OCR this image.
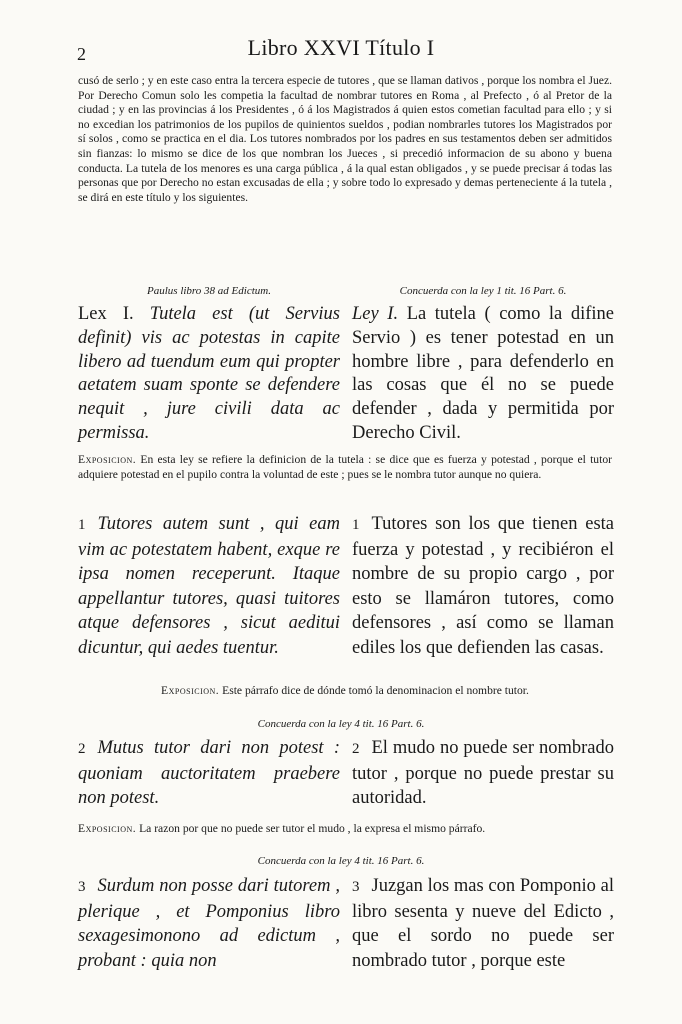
2	Libro XXVI Título I
cusó de serlo ; y en este caso entra la tercera especie de tutores , que se llaman dativos , porque los nombra el Juez. Por Derecho Comun solo les competia la facultad de nombrar tutores en Roma , al Prefecto , ó al Pretor de la ciudad ; y en las provincias á los Presidentes , ó á los Magistrados á quien estos cometian facultad para ello ; y si no excedian los patrimonios de los pupilos de quinientos sueldos , podian nombrarles tutores los Magistrados por sí solos , como se practica en el dia. Los tutores nombrados por los padres en sus testamentos deben ser admitidos sin fianzas: lo mismo se dice de los que nombran los Jueces , si precedió informacion de su abono y buena conducta. La tutela de los menores es una carga pública , á la qual estan obligados , y se puede precisar á todas las personas que por Derecho no estan excusadas de ella ; y sobre todo lo expresado y demas perteneciente á la tutela , se dirá en este título y los siguientes.
Paulus libro 38 ad Edictum.	Concuerda con la ley 1 tit. 16 Part. 6.
Lex I. Tutela est (ut Servius definit) vis ac potestas in capite libero ad tuendum eum qui propter aetatem suam sponte se defendere nequit , jure civili data ac permissa.
Ley I. La tutela ( como la difine Servio ) es tener potestad en un hombre libre , para defenderlo en las cosas que él no se puede defender , dada y permitida por Derecho Civil.
Exposicion. En esta ley se refiere la definicion de la tutela : se dice que es fuerza y potestad , porque el tutor adquiere potestad en el pupilo contra la voluntad de este ; pues se le nombra tutor aunque no quiera.
1 Tutores autem sunt , qui eam vim ac potestatem habent, exque re ipsa nomen receperunt. Itaque appellantur tutores, quasi tuitores atque defensores , sicut aeditui dicuntur, qui aedes tuentur.
1 Tutores son los que tienen esta fuerza y potestad , y recibiéron el nombre de su propio cargo , por esto se llamáron tutores, como defensores , así como se llaman ediles los que defienden las casas.
Exposicion. Este párrafo dice de dónde tomó la denominacion el nombre tutor.
Concuerda con la ley 4 tit. 16 Part. 6.
2 Mutus tutor dari non potest : quoniam auctoritatem praebere non potest.
2 El mudo no puede ser nombrado tutor , porque no puede prestar su autoridad.
Exposicion. La razon por que no puede ser tutor el mudo , la expresa el mismo párrafo.
Concuerda con la ley 4 tit. 16 Part. 6.
3 Surdum non posse dari tutorem , plerique , et Pomponius libro sexagesimonono ad edictum , probant : quia non
3 Juzgan los mas con Pomponio al libro sesenta y nueve del Edicto , que el sordo no puede ser nombrado tutor , porque este
